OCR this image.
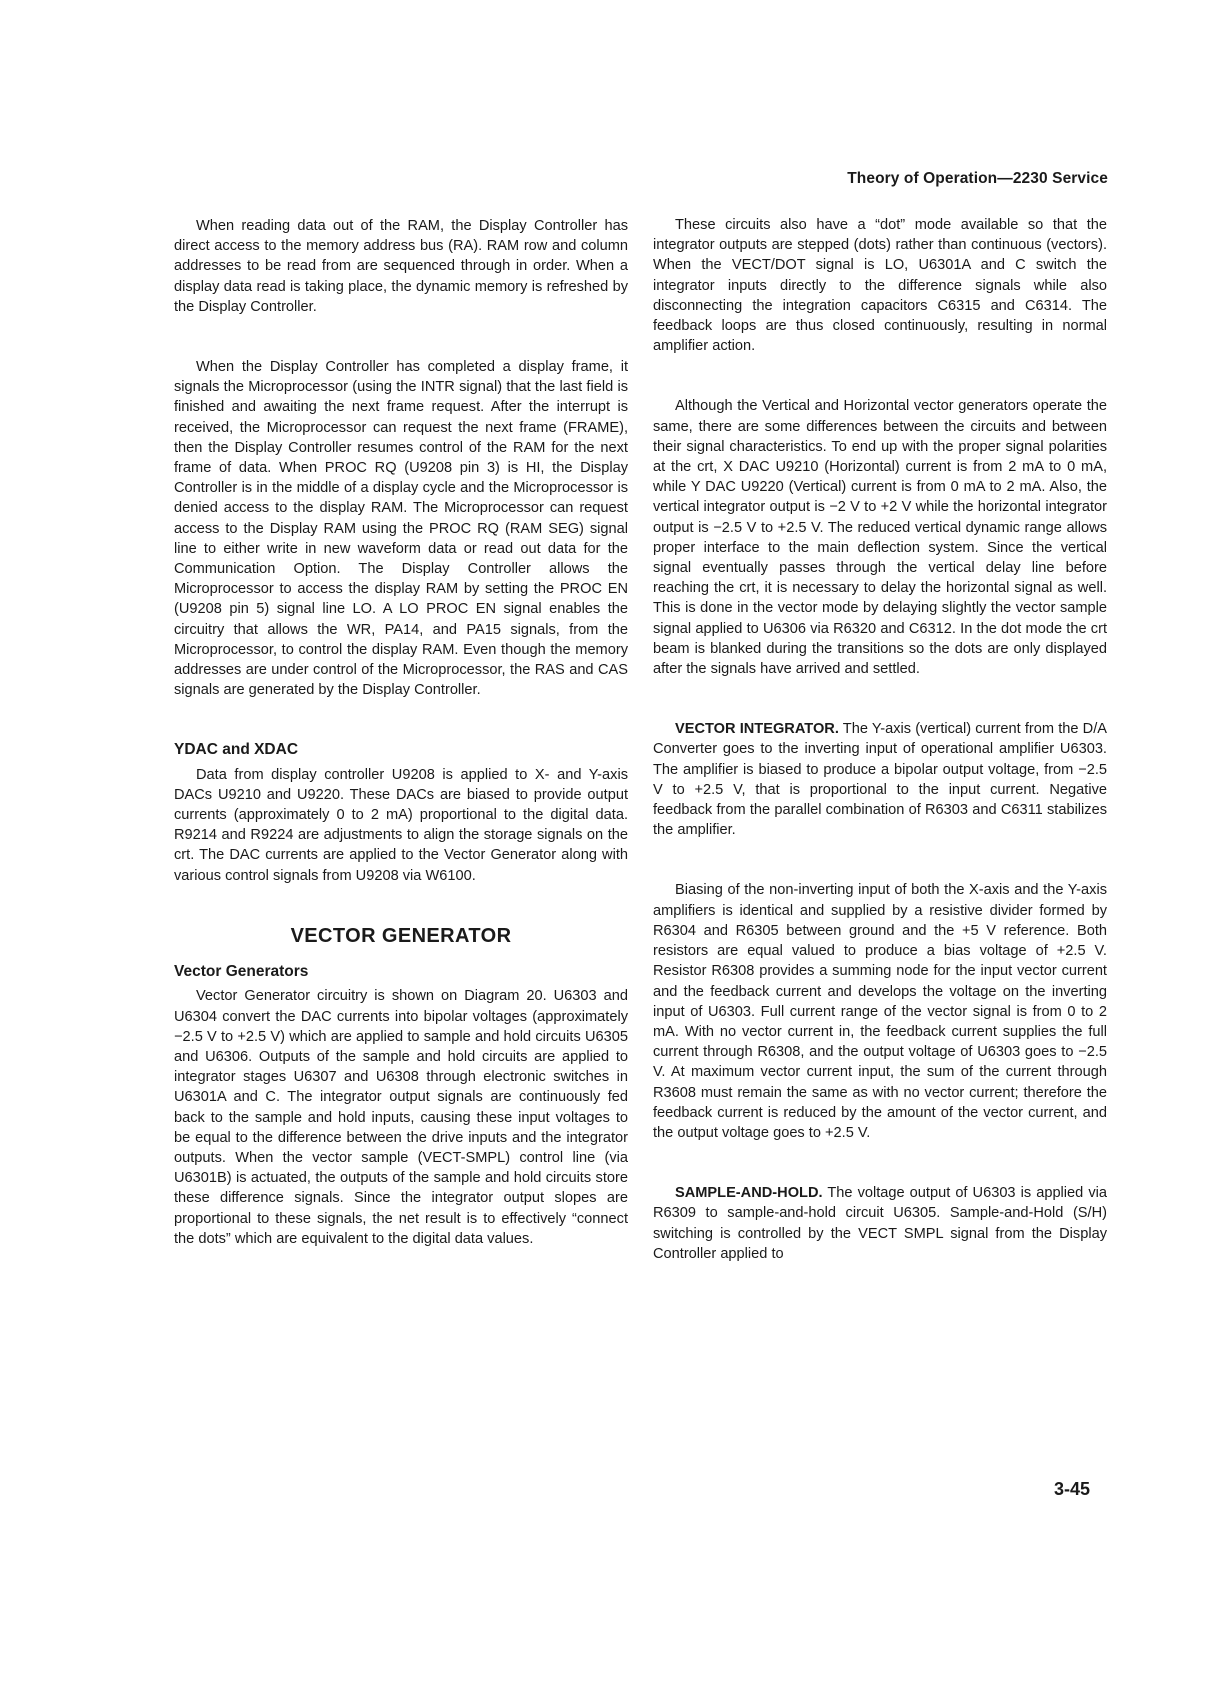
Theory of Operation—2230 Service

When reading data out of the RAM, the Display Controller has direct access to the memory address bus (RA). RAM row and column addresses to be read from are sequenced through in order. When a display data read is taking place, the dynamic memory is refreshed by the Display Controller.

When the Display Controller has completed a display frame, it signals the Microprocessor (using the INTR signal) that the last field is finished and awaiting the next frame request. After the interrupt is received, the Microprocessor can request the next frame (FRAME), then the Display Controller resumes control of the RAM for the next frame of data. When PROC RQ (U9208 pin 3) is HI, the Display Controller is in the middle of a display cycle and the Microprocessor is denied access to the display RAM. The Microprocessor can request access to the Display RAM using the PROC RQ (RAM SEG) signal line to either write in new waveform data or read out data for the Communication Option. The Display Controller allows the Microprocessor to access the display RAM by setting the PROC EN (U9208 pin 5) signal line LO. A LO PROC EN signal enables the circuitry that allows the WR, PA14, and PA15 signals, from the Microprocessor, to control the display RAM. Even though the memory addresses are under control of the Microprocessor, the RAS and CAS signals are generated by the Display Controller.

YDAC and XDAC

Data from display controller U9208 is applied to X- and Y-axis DACs U9210 and U9220. These DACs are biased to provide output currents (approximately 0 to 2 mA) proportional to the digital data. R9214 and R9224 are adjustments to align the storage signals on the crt. The DAC currents are applied to the Vector Generator along with various control signals from U9208 via W6100.

VECTOR GENERATOR
Vector Generators

Vector Generator circuitry is shown on Diagram 20. U6303 and U6304 convert the DAC currents into bipolar voltages (approximately −2.5 V to +2.5 V) which are applied to sample and hold circuits U6305 and U6306. Outputs of the sample and hold circuits are applied to integrator stages U6307 and U6308 through electronic switches in U6301A and C. The integrator output signals are continuously fed back to the sample and hold inputs, causing these input voltages to be equal to the difference between the drive inputs and the integrator outputs. When the vector sample (VECT-SMPL) control line (via U6301B) is actuated, the outputs of the sample and hold circuits store these difference signals. Since the integrator output slopes are proportional to these signals, the net result is to effectively “connect the dots” which are equivalent to the digital data values.

These circuits also have a “dot” mode available so that the integrator outputs are stepped (dots) rather than continuous (vectors). When the VECT/DOT signal is LO, U6301A and C switch the integrator inputs directly to the difference signals while also disconnecting the integration capacitors C6315 and C6314. The feedback loops are thus closed continuously, resulting in normal amplifier action.

Although the Vertical and Horizontal vector generators operate the same, there are some differences between the circuits and between their signal characteristics. To end up with the proper signal polarities at the crt, X DAC U9210 (Horizontal) current is from 2 mA to 0 mA, while Y DAC U9220 (Vertical) current is from 0 mA to 2 mA. Also, the vertical integrator output is −2 V to +2 V while the horizontal integrator output is −2.5 V to +2.5 V. The reduced vertical dynamic range allows proper interface to the main deflection system. Since the vertical signal eventually passes through the vertical delay line before reaching the crt, it is necessary to delay the horizontal signal as well. This is done in the vector mode by delaying slightly the vector sample signal applied to U6306 via R6320 and C6312. In the dot mode the crt beam is blanked during the transitions so the dots are only displayed after the signals have arrived and settled.

VECTOR INTEGRATOR. The Y-axis (vertical) current from the D/A Converter goes to the inverting input of operational amplifier U6303. The amplifier is biased to produce a bipolar output voltage, from −2.5 V to +2.5 V, that is proportional to the input current. Negative feedback from the parallel combination of R6303 and C6311 stabilizes the amplifier.

Biasing of the non-inverting input of both the X-axis and the Y-axis amplifiers is identical and supplied by a resistive divider formed by R6304 and R6305 between ground and the +5 V reference. Both resistors are equal valued to produce a bias voltage of +2.5 V. Resistor R6308 provides a summing node for the input vector current and the feedback current and develops the voltage on the inverting input of U6303. Full current range of the vector signal is from 0 to 2 mA. With no vector current in, the feedback current supplies the full current through R6308, and the output voltage of U6303 goes to −2.5 V. At maximum vector current input, the sum of the current through R3608 must remain the same as with no vector current; therefore the feedback current is reduced by the amount of the vector current, and the output voltage goes to +2.5 V.

SAMPLE-AND-HOLD. The voltage output of U6303 is applied via R6309 to sample-and-hold circuit U6305. Sample-and-Hold (S/H) switching is controlled by the VECT SMPL signal from the Display Controller applied to

3-45
